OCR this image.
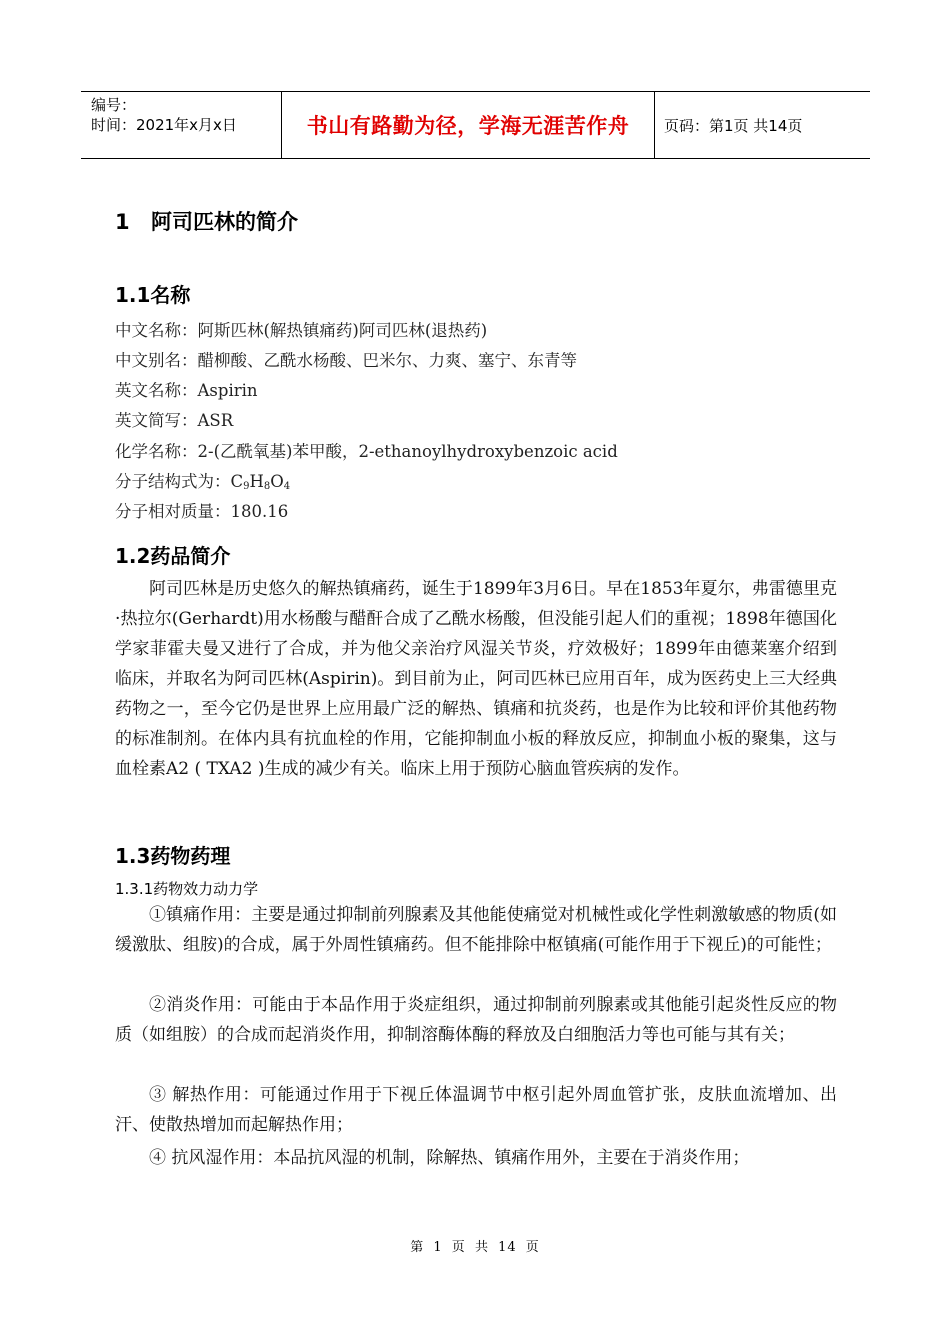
编号：
时间：2021年x月x日	书山有路勤为径，学海无涯苦作舟	页码：第1页 共14页
1 阿司匹林的简介
1.1名称
中文名称：阿斯匹林(解热镇痛药)阿司匹林(退热药)
中文别名：醋柳酸、乙酰水杨酸、巴米尔、力爽、塞宁、东青等
英文名称：Aspirin
英文简写：ASR
化学名称：2-(乙酰氧基)苯甲酸，2-ethanoylhydroxybenzoic acid
分子结构式为：$C_9H_8O_4$
分子相对质量：180.16
1.2药品简介
阿司匹林是历史悠久的解热镇痛药，诞生于1899年3月6日。早在1853年夏尔，弗雷德里克·热拉尔(Gerhardt)用水杨酸与醋酐合成了乙酰水杨酸，但没能引起人们的重视；1898年德国化学家菲霍夫曼又进行了合成，并为他父亲治疗风湿关节炎，疗效极好；1899年由德莱塞介绍到临床，并取名为阿司匹林(Aspirin)。到目前为止，阿司匹林已应用百年，成为医药史上三大经典药物之一，至今它仍是世界上应用最广泛的解热、镇痛和抗炎药，也是作为比较和评价其他药物的标准制剂。在体内具有抗血栓的作用，它能抑制血小板的释放反应，抑制血小板的聚集，这与血栓素A2 ( TXA2 )生成的减少有关。临床上用于预防心脑血管疾病的发作。
1.3药物药理
1.3.1药物效力动力学
①镇痛作用：主要是通过抑制前列腺素及其他能使痛觉对机械性或化学性刺激敏感的物质(如缓激肽、组胺)的合成，属于外周性镇痛药。但不能排除中枢镇痛(可能作用于下视丘)的可能性；
②消炎作用：可能由于本品作用于炎症组织，通过抑制前列腺素或其他能引起炎性反应的物质（如组胺）的合成而起消炎作用，抑制溶酶体酶的释放及白细胞活力等也可能与其有关；
③ 解热作用：可能通过作用于下视丘体温调节中枢引起外周血管扩张，皮肤血流增加、出汗、使散热增加而起解热作用；
④ 抗风湿作用：本品抗风湿的机制，除解热、镇痛作用外，主要在于消炎作用；
第 1 页 共 14 页
